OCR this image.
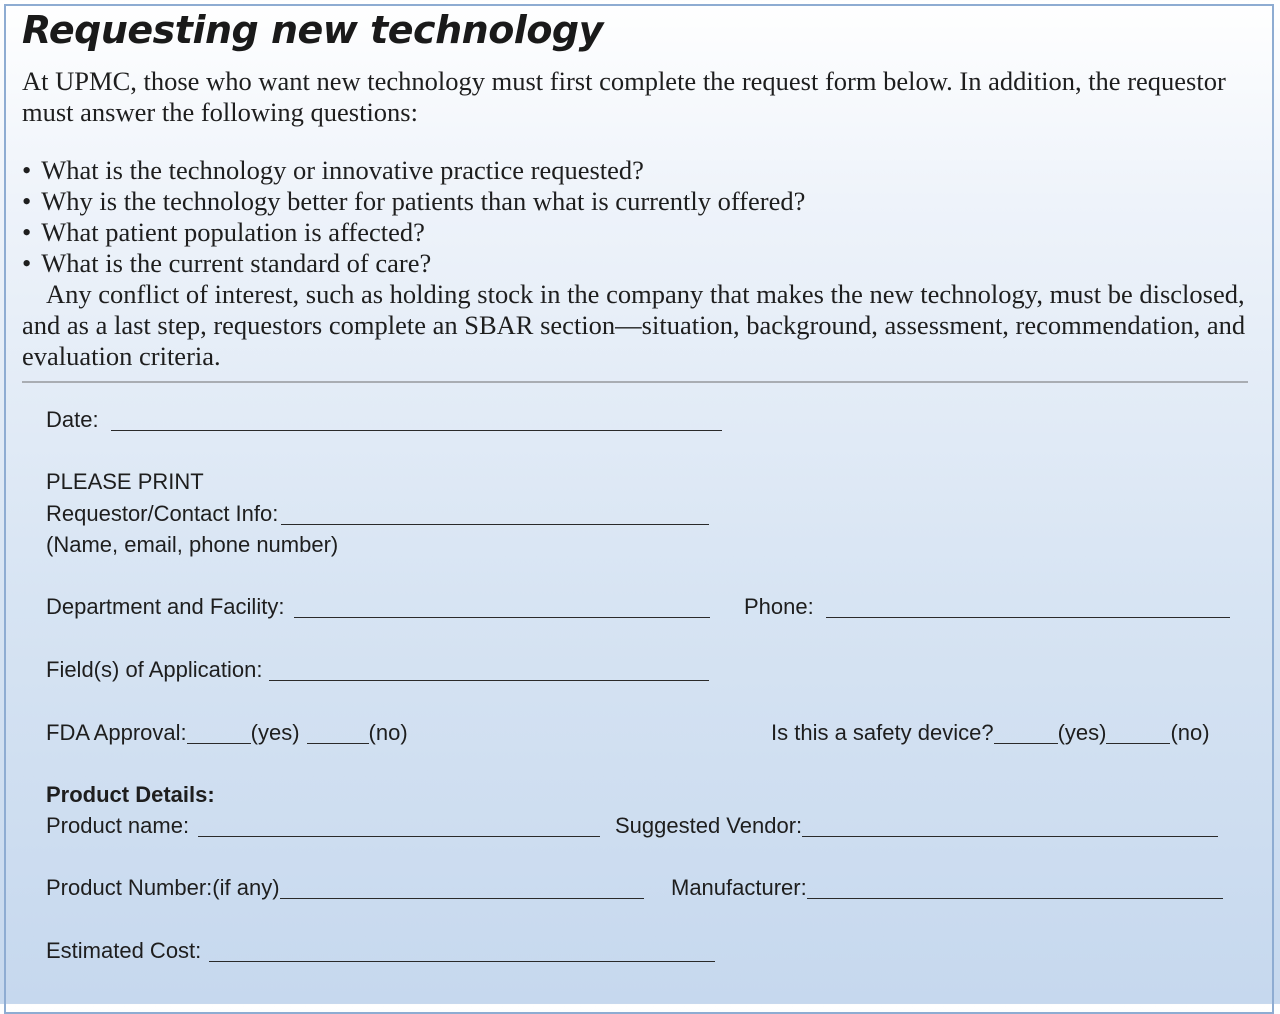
Requesting new technology

At UPMC, those who want new technology must first complete the request form below. In addition, the requestor must answer the following questions:

• What is the technology or innovative practice requested?
• Why is the technology better for patients than what is currently offered?
• What patient population is affected?
• What is the current standard of care?

Any conflict of interest, such as holding stock in the company that makes the new technology, must be disclosed, and as a last step, requestors complete an SBAR section—situation, background, assessment, recommendation, and evaluation criteria.

Date:
PLEASE PRINT
Requestor/Contact Info:
(Name, email, phone number)
Department and Facility:	Phone:
Field(s) of Application:
FDA Approval:	(yes)	(no)	Is this a safety device?	(yes)	(no)
Product Details:
Product name:	Suggested Vendor:
Product Number:(if any)	Manufacturer:
Estimated Cost:
